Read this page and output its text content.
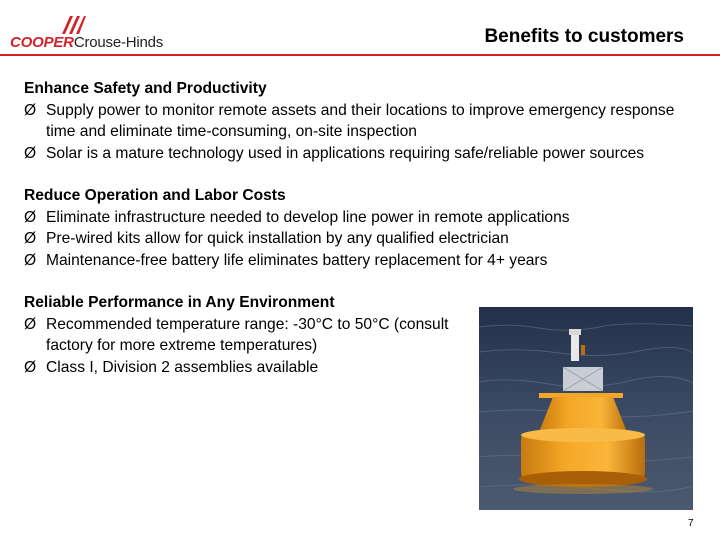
COOPERCrouse-Hinds	Benefits to customers
Enhance Safety and Productivity
Ø Supply power to monitor remote assets and their locations to improve emergency response time and eliminate time-consuming, on-site inspection
Ø Solar is a mature technology used in applications requiring safe/reliable power sources
Reduce Operation and Labor Costs
Ø Eliminate infrastructure needed to develop line power in remote applications
Ø Pre-wired kits allow for quick installation by any qualified electrician
Ø Maintenance-free battery life eliminates battery replacement for 4+ years
Reliable Performance in Any Environment
Ø Recommended temperature range: -30°C to 50°C (consult factory for more extreme temperatures)
Ø Class I, Division 2 assemblies available
7
